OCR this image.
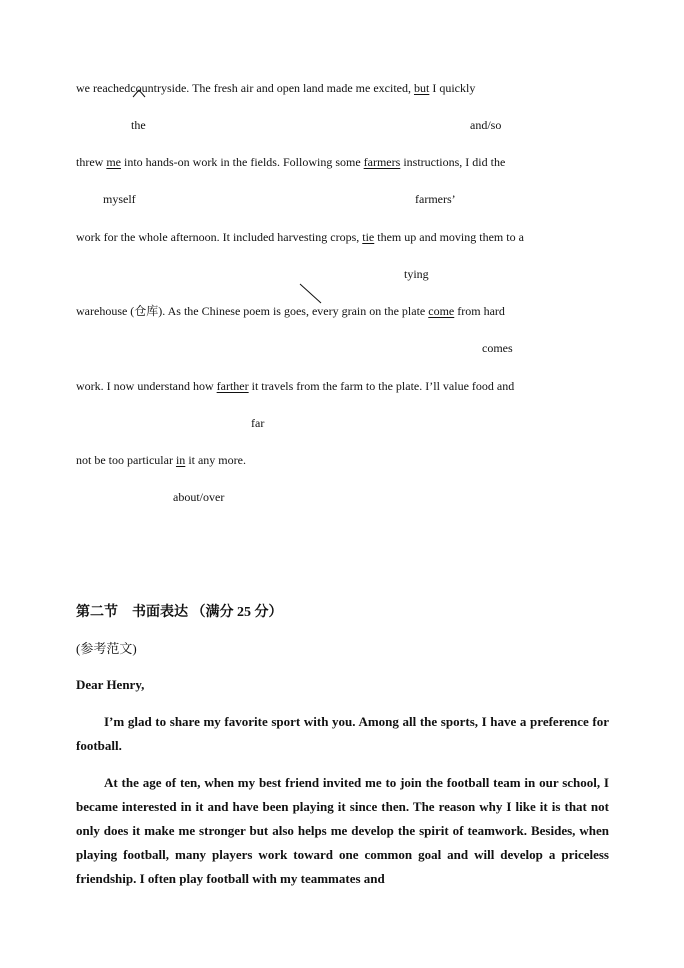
we reachedcountryside. The fresh air and open land made me excited, but I quickly
the	and/so
threw me into hands-on work in the fields. Following some farmers instructions, I did the
myself	farmers’
work for the whole afternoon. It included harvesting crops, tie them up and moving them to a
tying
warehouse (仓库). As the Chinese poem is goes, every grain on the plate come from hard
comes
work. I now understand how farther it travels from the farm to the plate. I’ll value food and
far
not be too particular in it any more.
about/over
第二节　书面表达 （满分 25 分）
(参考范文)
Dear Henry,

I’m glad to share my favorite sport with you. Among all the sports, I have a preference for football.

At the age of ten, when my best friend invited me to join the football team in our school, I became interested in it and have been playing it since then. The reason why I like it is that not only does it make me stronger but also helps me develop the spirit of teamwork. Besides, when playing football, many players work toward one common goal and will develop a priceless friendship. I often play football with my teammates and
